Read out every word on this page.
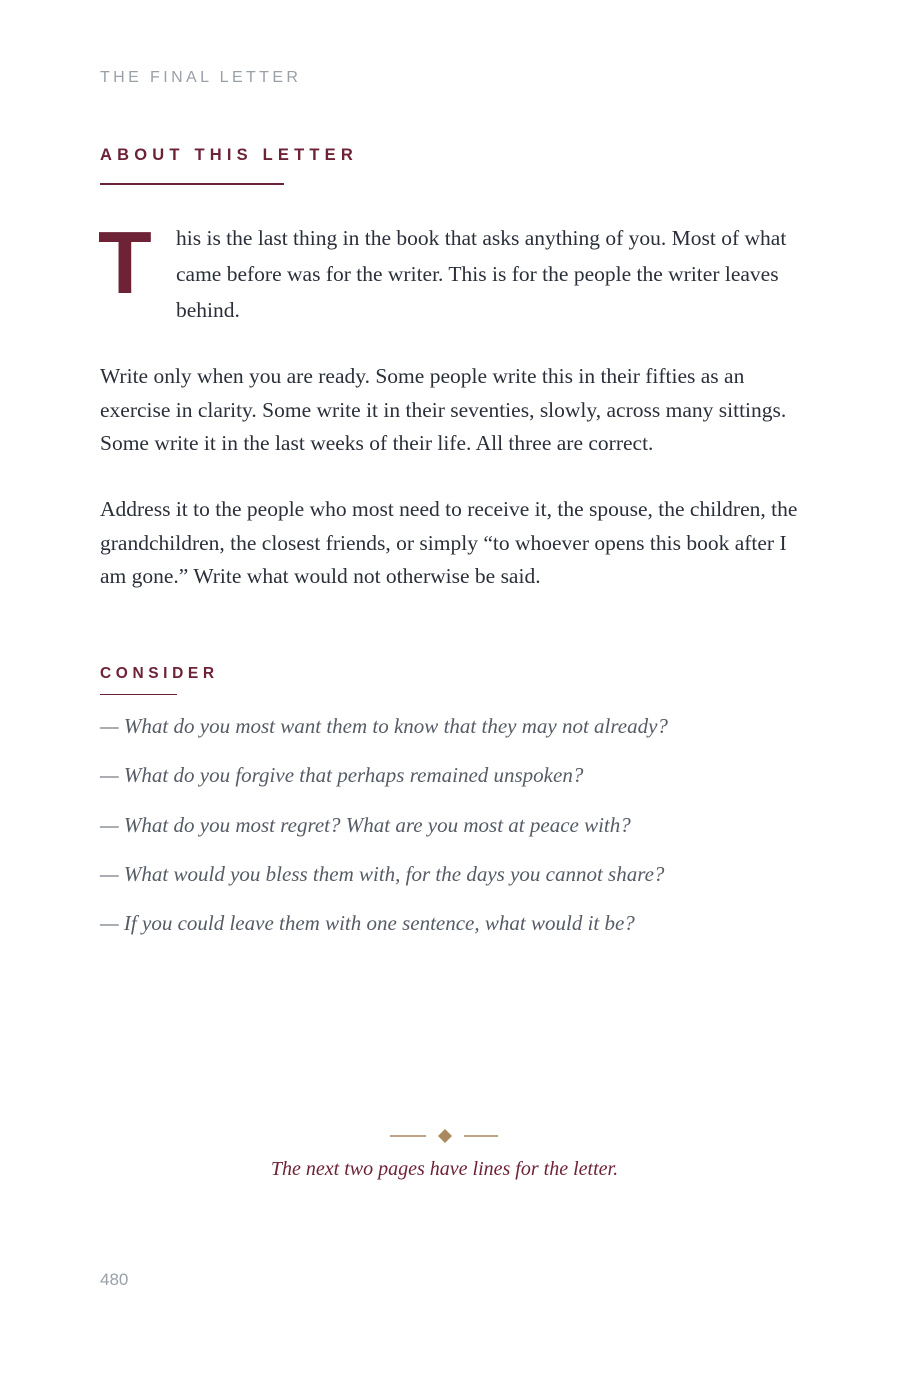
THE FINAL LETTER
ABOUT THIS LETTER
T his is the last thing in the book that asks anything of you. Most of what came before was for the writer. This is for the people the writer leaves behind.

Write only when you are ready. Some people write this in their fifties as an exercise in clarity. Some write it in their seventies, slowly, across many sittings. Some write it in the last weeks of their life. All three are correct.

Address it to the people who most need to receive it, the spouse, the children, the grandchildren, the closest friends, or simply “to whoever opens this book after I am gone.” Write what would not otherwise be said.

CONSIDER
— What do you most want them to know that they may not already?
— What do you forgive that perhaps remained unspoken?
— What do you most regret? What are you most at peace with?
— What would you bless them with, for the days you cannot share?
— If you could leave them with one sentence, what would it be?
The next two pages have lines for the letter.
480
